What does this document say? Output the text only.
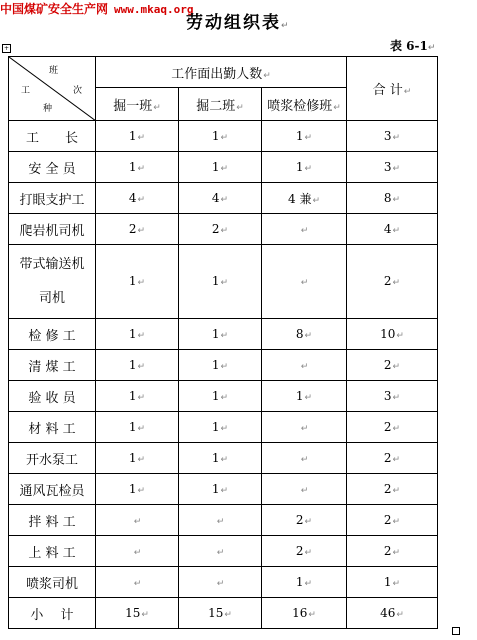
中国煤矿安全生产网 www.mkaq.org
劳动组织表↵
表 6-1↵
+
班
次
工
种	工作面出勤人数↵			合 计↵
	掘一班↵	掘二班↵	喷浆检修班↵	
工　　长	1↵	1↵	1↵	3↵
安 全 员	1↵	1↵	1↵	3↵
打眼支护工	4↵	4↵	4 兼↵	8↵
爬岩机司机	2↵	2↵	↵	4↵
带式输送机司机	1↵	1↵	↵	2↵
检 修 工	1↵	1↵	8↵	10↵
清 煤 工	1↵	1↵	↵	2↵
验 收 员	1↵	1↵	1↵	3↵
材 料 工	1↵	1↵	↵	2↵
开水泵工	1↵	1↵	↵	2↵
通风瓦检员	1↵	1↵	↵	2↵
拌 料 工	↵	↵	2↵	2↵
上 料 工	↵	↵	2↵	2↵
喷浆司机	↵	↵	1↵	1↵
小　 计	15↵	15↵	16↵	46↵
